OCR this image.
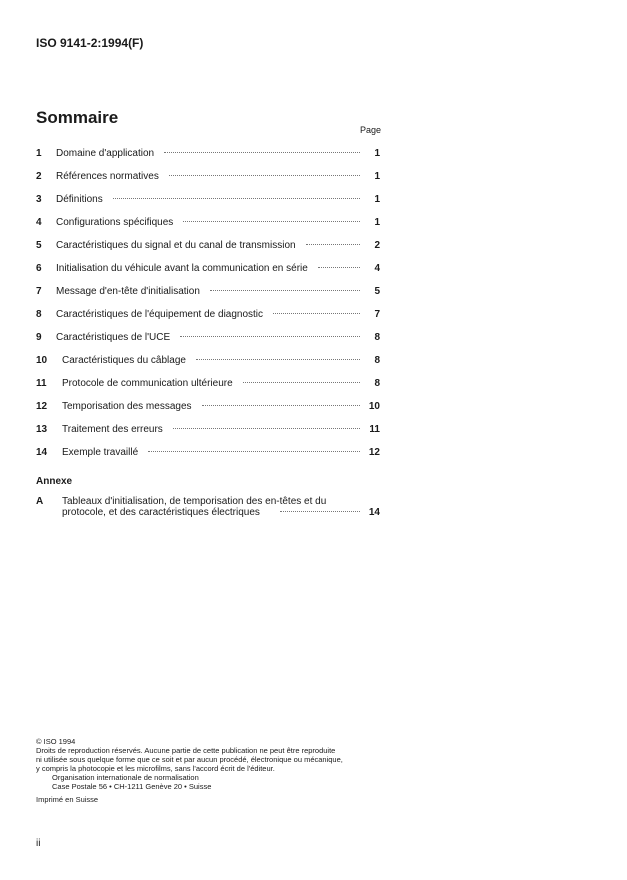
ISO 9141-2:1994(F)
Sommaire
Page
1	Domaine d'application	1
2	Références normatives	1
3	Définitions	1
4	Configurations spécifiques	1
5	Caractéristiques du signal et du canal de transmission	2
6	Initialisation du véhicule avant la communication en série	4
7	Message d'en-tête d'initialisation	5
8	Caractéristiques de l'équipement de diagnostic	7
9	Caractéristiques de l'UCE	8
10	Caractéristiques du câblage	8
11	Protocole de communication ultérieure	8
12	Temporisation des messages	10
13	Traitement des erreurs	11
14	Exemple travaillé	12
Annexe
A	Tableaux d'initialisation, de temporisation des en-têtes et du
protocole, et des caractéristiques électriques	14
© ISO 1994
Droits de reproduction réservés. Aucune partie de cette publication ne peut être reproduite
ni utilisée sous quelque forme que ce soit et par aucun procédé, électronique ou mécanique,
y compris la photocopie et les microfilms, sans l'accord écrit de l'éditeur.
Organisation internationale de normalisation
Case Postale 56 • CH-1211 Genève 20 • Suisse
Imprimé en Suisse
ii
